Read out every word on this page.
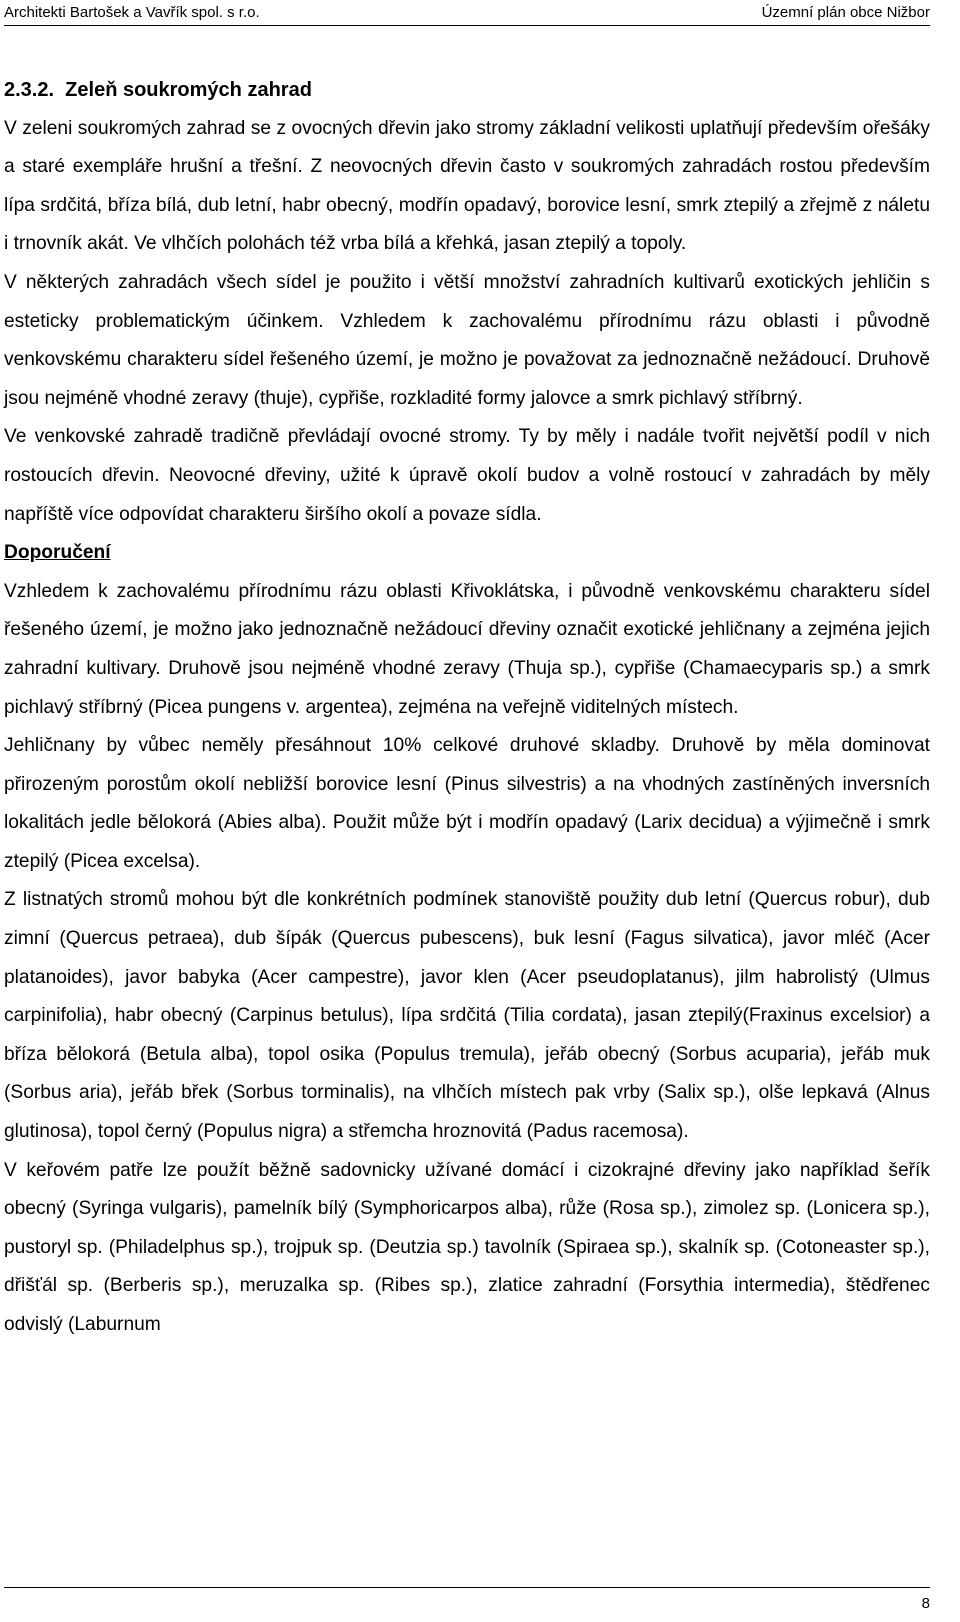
Architekti Bartošek a Vavřík spol. s r.o.	Územní plán obce Nižbor
2.3.2. Zeleň soukromých zahrad

V zeleni soukromých zahrad se z ovocných dřevin jako stromy základní velikosti uplatňují především ořešáky a staré exempláře hrušní a třešní. Z neovocných dřevin často v soukromých zahradách rostou především lípa srdčitá, bříza bílá, dub letní, habr obecný, modřín opadavý, borovice lesní, smrk ztepilý a zřejmě z náletu i trnovník akát. Ve vlhčích polohách též vrba bílá a křehká, jasan ztepilý a topoly.

V některých zahradách všech sídel je použito i větší množství zahradních kultivarů exotických jehličin s esteticky problematickým účinkem. Vzhledem k zachovalému přírodnímu rázu oblasti i původně venkovskému charakteru sídel řešeného území, je možno je považovat za jednoznačně nežádoucí. Druhově jsou nejméně vhodné zeravy (thuje), cypřiše, rozkladité formy jalovce a smrk pichlavý stříbrný.

Ve venkovské zahradě tradičně převládají ovocné stromy. Ty by měly i nadále tvořit největší podíl v nich rostoucích dřevin. Neovocné dřeviny, užité k úpravě okolí budov a volně rostoucí v zahradách by měly napříště více odpovídat charakteru širšího okolí a povaze sídla.

Doporučení

Vzhledem k zachovalému přírodnímu rázu oblasti Křivoklátska, i původně venkovskému charakteru sídel řešeného území, je možno jako jednoznačně nežádoucí dřeviny označit exotické jehličnany a zejména jejich zahradní kultivary. Druhově jsou nejméně vhodné zeravy (Thuja sp.), cypřiše (Chamaecyparis sp.) a smrk pichlavý stříbrný (Picea pungens v. argentea), zejména na veřejně viditelných místech.

Jehličnany by vůbec neměly přesáhnout 10% celkové druhové skladby. Druhově by měla dominovat přirozeným porostům okolí nebližší borovice lesní (Pinus silvestris) a na vhodných zastíněných inversních lokalitách jedle bělokorá (Abies alba). Použit může být i modřín opadavý (Larix decidua) a výjimečně i smrk ztepilý (Picea excelsa).

Z listnatých stromů mohou být dle konkrétních podmínek stanoviště použity dub letní (Quercus robur), dub zimní (Quercus petraea), dub šípák (Quercus pubescens), buk lesní (Fagus silvatica), javor mléč (Acer platanoides), javor babyka (Acer campestre), javor klen (Acer pseudoplatanus), jilm habrolistý (Ulmus carpinifolia), habr obecný (Carpinus betulus), lípa srdčitá (Tilia cordata), jasan ztepilý(Fraxinus excelsior) a bříza bělokorá (Betula alba), topol osika (Populus tremula), jeřáb obecný (Sorbus acuparia), jeřáb muk (Sorbus aria), jeřáb břek (Sorbus torminalis), na vlhčích místech pak vrby (Salix sp.), olše lepkavá (Alnus glutinosa), topol černý (Populus nigra) a střemcha hroznovitá (Padus racemosa).

V keřovém patře lze použít běžně sadovnicky užívané domácí i cizokrajné dřeviny jako například šeřík obecný (Syringa vulgaris), pamelník bílý (Symphoricarpos alba), růže (Rosa sp.), zimolez sp. (Lonicera sp.), pustoryl sp. (Philadelphus sp.), trojpuk sp. (Deutzia sp.) tavolník (Spiraea sp.), skalník sp. (Cotoneaster sp.), dřišťál sp. (Berberis sp.), meruzalka sp. (Ribes sp.), zlatice zahradní (Forsythia intermedia), štědřenec odvislý (Laburnum

8
